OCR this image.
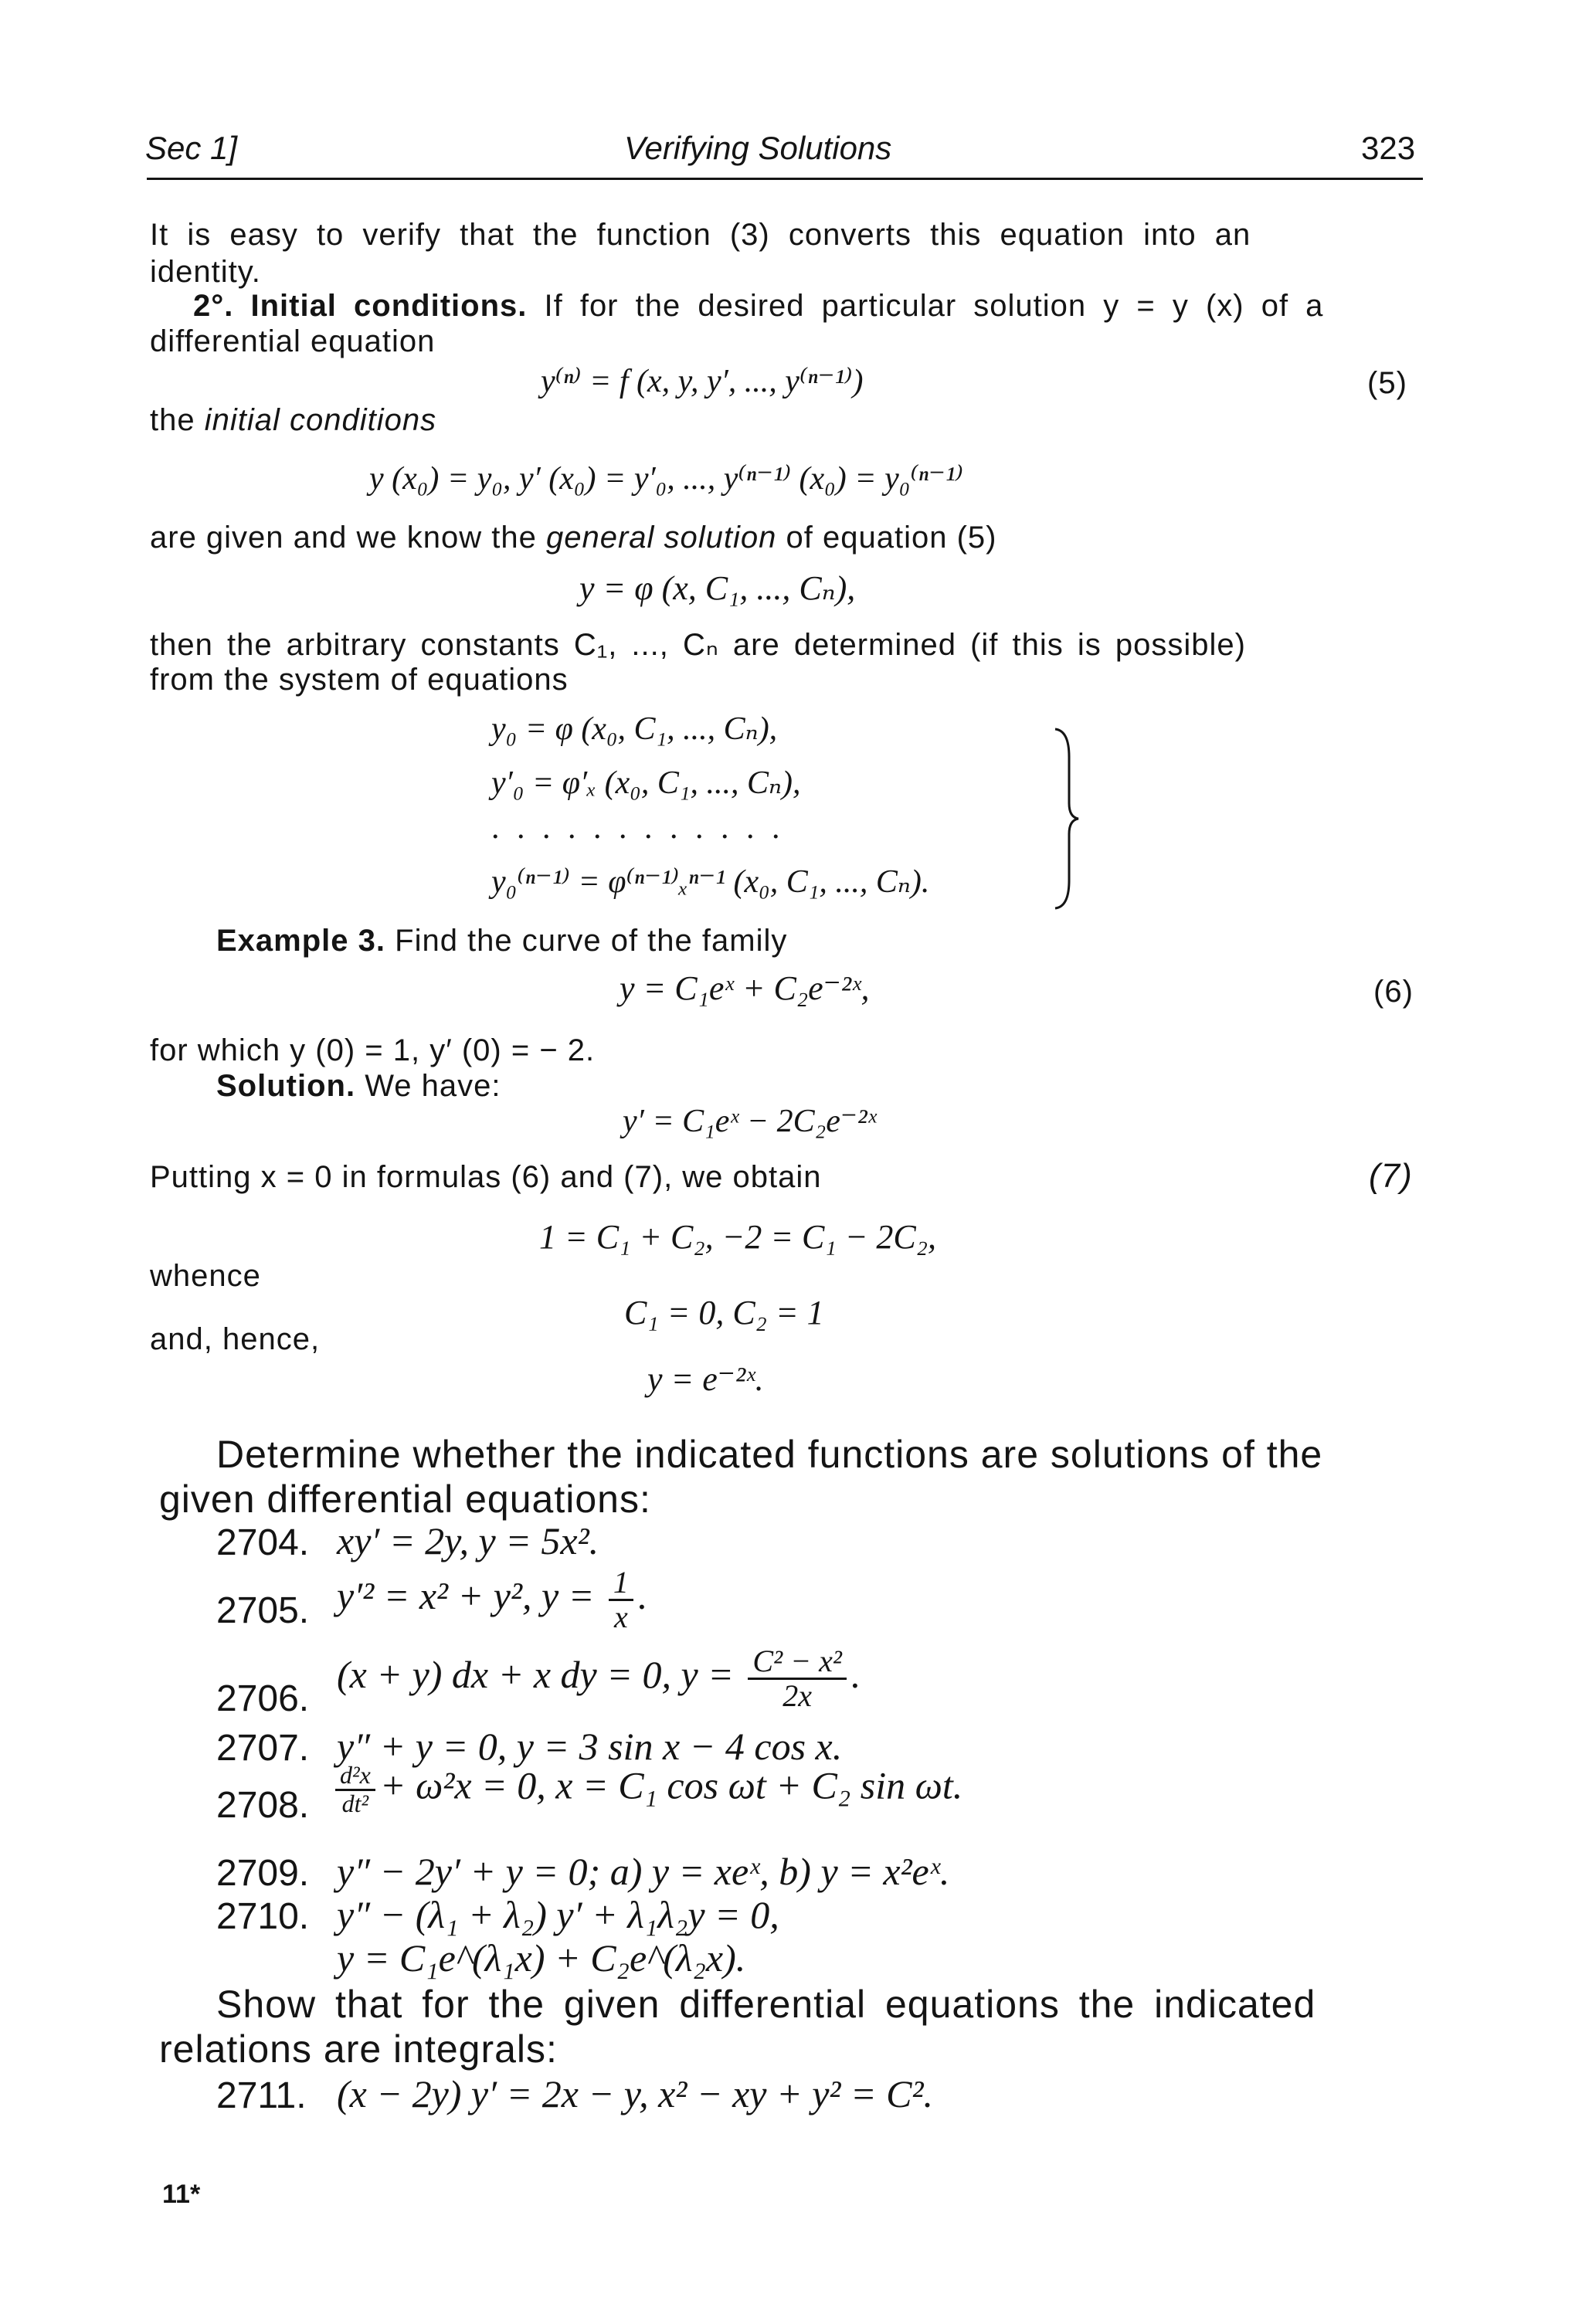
Sec 1]	Verifying Solutions	323
It is easy to verify that the function (3) converts this equation into an
identity.
2°. Initial conditions. If for the desired particular solution y = y (x) of a
differential equation
y⁽ⁿ⁾ = f (x, y, y′, ..., y⁽ⁿ⁻¹⁾)	(5)
the initial conditions
y (x₀) = y₀, y′ (x₀) = y′₀, ..., y⁽ⁿ⁻¹⁾ (x₀) = y₀⁽ⁿ⁻¹⁾
are given and we know the general solution of equation (5)
y = φ (x, C₁, ..., Cₙ),
then the arbitrary constants C₁, ..., Cₙ are determined (if this is possible)
from the system of equations
y₀ = φ (x₀, C₁, ..., Cₙ),
y′₀ = φ′ₓ (x₀, C₁, ..., Cₙ),
. . . . . . . . . . . .
y₀⁽ⁿ⁻¹⁾ = φ⁽ⁿ⁻¹⁾ₓⁿ⁻¹ (x₀, C₁, ..., Cₙ).
Example 3. Find the curve of the family
y = C₁eˣ + C₂e⁻²ˣ,	(6)
for which y (0) = 1, y′ (0) = − 2.
Solution. We have:
y′ = C₁eˣ − 2C₂e⁻²ˣ
Putting x = 0 in formulas (6) and (7), we obtain	(7)
1 = C₁ + C₂, −2 = C₁ − 2C₂,
whence
C₁ = 0, C₂ = 1
and, hence,
y = e⁻²ˣ.
Determine whether the indicated functions are solutions of the
given differential equations:
2704. xy′ = 2y, y = 5x².
2705. y′² = x² + y², $y = \frac{1}{x}$ .
2706.
(x + y) dx + x dy = 0, $y = \frac{\text{C² − x²}}{2x}$ .
2707. y″ + y = 0, y = 3 sin x − 4 cos x.
2708. $\frac{\text{d²x}}{\text{dt²}} + \omega^2x = 0$, x = C₁ cos ωt + C₂ sin ωt.
2709. y″ − 2y′ + y = 0; a) y = xeˣ, b) y = x²eˣ.
2710. y″ − (λ₁ + λ₂) y′ + λ₁λ₂y = 0,
y = C₁e^(λ₁x) + C₂e^(λ₂x).
Show that for the given differential equations the indicated
relations are integrals:
2711. (x − 2y) y′ = 2x − y, x² − xy + y² = C².
11*
